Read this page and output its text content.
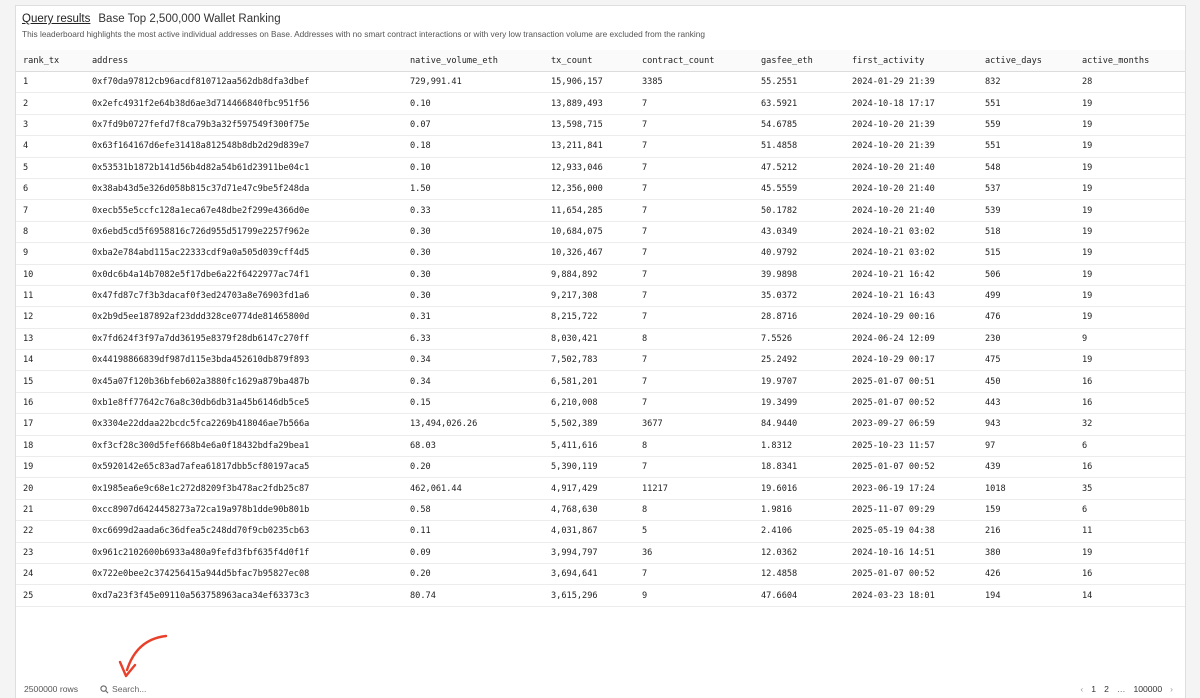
Query results Base Top 2,500,000 Wallet Ranking
This leaderboard highlights the most active individual addresses on Base. Addresses with no smart contract interactions or with very low transaction volume are excluded from the ranking
rank_tx	address	native_volume_eth	tx_count	contract_count	gasfee_eth	first_activity	active_days	active_months
1	0xf70da97812cb96acdf810712aa562db8dfa3dbef	729,991.41	15,906,157	3385	55.2551	2024-01-29 21:39	832	28
2	0x2efc4931f2e64b38d6ae3d714466840fbc951f56	0.10	13,889,493	7	63.5921	2024-10-18 17:17	551	19
3	0x7fd9b0727fefd7f8ca79b3a32f597549f300f75e	0.07	13,598,715	7	54.6785	2024-10-20 21:39	559	19
4	0x63f164167d6efe31418a812548b8db2d29d839e7	0.18	13,211,841	7	51.4858	2024-10-20 21:39	551	19
5	0x53531b1872b141d56b4d82a54b61d23911be04c1	0.10	12,933,046	7	47.5212	2024-10-20 21:40	548	19
6	0x38ab43d5e326d058b815c37d71e47c9be5f248da	1.50	12,356,000	7	45.5559	2024-10-20 21:40	537	19
7	0xecb55e5ccfc128a1eca67e48dbe2f299e4366d0e	0.33	11,654,285	7	50.1782	2024-10-20 21:40	539	19
8	0x6ebd5cd5f6958816c726d955d51799e2257f962e	0.30	10,684,075	7	43.0349	2024-10-21 03:02	518	19
9	0xba2e784abd115ac22333cdf9a0a505d039cff4d5	0.30	10,326,467	7	40.9792	2024-10-21 03:02	515	19
10	0x0dc6b4a14b7082e5f17dbe6a22f6422977ac74f1	0.30	9,884,892	7	39.9898	2024-10-21 16:42	506	19
11	0x47fd87c7f3b3dacaf0f3ed24703a8e76903fd1a6	0.30	9,217,308	7	35.0372	2024-10-21 16:43	499	19
12	0x2b9d5ee187892af23ddd328ce0774de81465800d	0.31	8,215,722	7	28.8716	2024-10-29 00:16	476	19
13	0x7fd624f3f97a7dd36195e8379f28db6147c270ff	6.33	8,030,421	8	7.5526	2024-06-24 12:09	230	9
14	0x44198866839df987d115e3bda452610db879f893	0.34	7,502,783	7	25.2492	2024-10-29 00:17	475	19
15	0x45a07f120b36bfeb602a3880fc1629a879ba487b	0.34	6,581,201	7	19.9707	2025-01-07 00:51	450	16
16	0xb1e8ff77642c76a8c30db6db31a45b6146db5ce5	0.15	6,210,008	7	19.3499	2025-01-07 00:52	443	16
17	0x3304e22ddaa22bcdc5fca2269b418046ae7b566a	13,494,026.26	5,502,389	3677	84.9440	2023-09-27 06:59	943	32
18	0xf3cf28c300d5fef668b4e6a0f18432bdfa29bea1	68.03	5,411,616	8	1.8312	2025-10-23 11:57	97	6
19	0x5920142e65c83ad7afea61817dbb5cf80197aca5	0.20	5,390,119	7	18.8341	2025-01-07 00:52	439	16
20	0x1985ea6e9c68e1c272d8209f3b478ac2fdb25c87	462,061.44	4,917,429	11217	19.6016	2023-06-19 17:24	1018	35
21	0xcc8907d6424458273a72ca19a978b1dde90b801b	0.58	4,768,630	8	1.9816	2025-11-07 09:29	159	6
22	0xc6699d2aada6c36dfea5c248dd70f9cb0235cb63	0.11	4,031,867	5	2.4106	2025-05-19 04:38	216	11
23	0x961c2102600b6933a480a9fefd3fbf635f4d0f1f	0.09	3,994,797	36	12.0362	2024-10-16 14:51	380	19
24	0x722e0bee2c374256415a944d5bfac7b95827ec08	0.20	3,694,641	7	12.4858	2025-01-07 00:52	426	16
25	0xd7a23f3f45e09110a563758963aca34ef63373c3	80.74	3,615,296	9	47.6604	2024-03-23 18:01	194	14
2500000 rows
Search...	‹ 1 2 … 100000 ›
